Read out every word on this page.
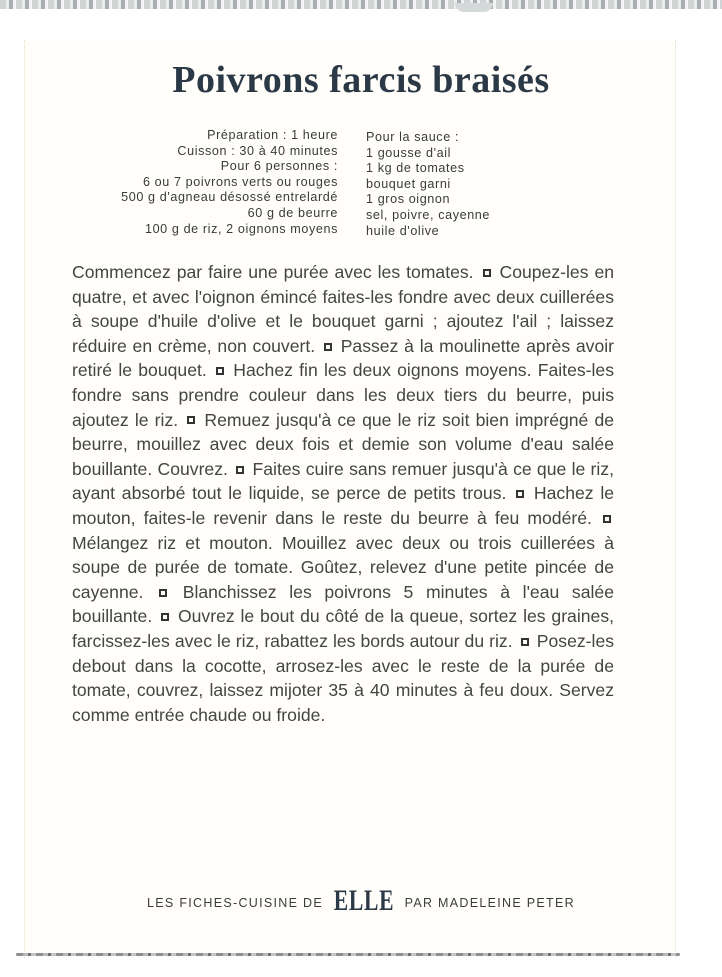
Poivrons farcis braisés
Préparation : 1 heure
Cuisson : 30 à 40 minutes
Pour 6 personnes :
6 ou 7 poivrons verts ou rouges
500 g d'agneau désossé entrelardé
60 g de beurre
100 g de riz, 2 oignons moyens
Pour la sauce :
1 gousse d'ail
1 kg de tomates
bouquet garni
1 gros oignon
sel, poivre, cayenne
huile d'olive

Commencez par faire une purée avec les tomates. Coupez-les en quatre, et avec l'oignon émincé faites-les fondre avec deux cuillerées à soupe d'huile d'olive et le bouquet garni ; ajoutez l'ail ; laissez réduire en crème, non couvert. Passez à la moulinette après avoir retiré le bouquet. Hachez fin les deux oignons moyens. Faites-les fondre sans prendre couleur dans les deux tiers du beurre, puis ajoutez le riz. Remuez jusqu'à ce que le riz soit bien imprégné de beurre, mouillez avec deux fois et demie son volume d'eau salée bouillante. Couvrez. Faites cuire sans remuer jusqu'à ce que le riz, ayant absorbé tout le liquide, se perce de petits trous. Hachez le mouton, faites-le revenir dans le reste du beurre à feu modéré.  Mélangez riz et mouton. Mouillez avec deux ou trois cuillerées à soupe de purée de tomate. Goûtez, relevez d'une petite pincée de cayenne. Blanchissez les poivrons 5 minutes à l'eau salée bouillante. Ouvrez le bout du côté de la queue, sortez les graines, farcissez-les avec le riz, rabattez les bords autour du riz. Posez-les debout dans la cocotte, arrosez-les avec le reste de la purée de tomate, couvrez, laissez mijoter 35 à 40 minutes à feu doux. Servez comme entrée chaude ou froide.

LES FICHES-CUISINE DE ELLE PAR MADELEINE PETER
